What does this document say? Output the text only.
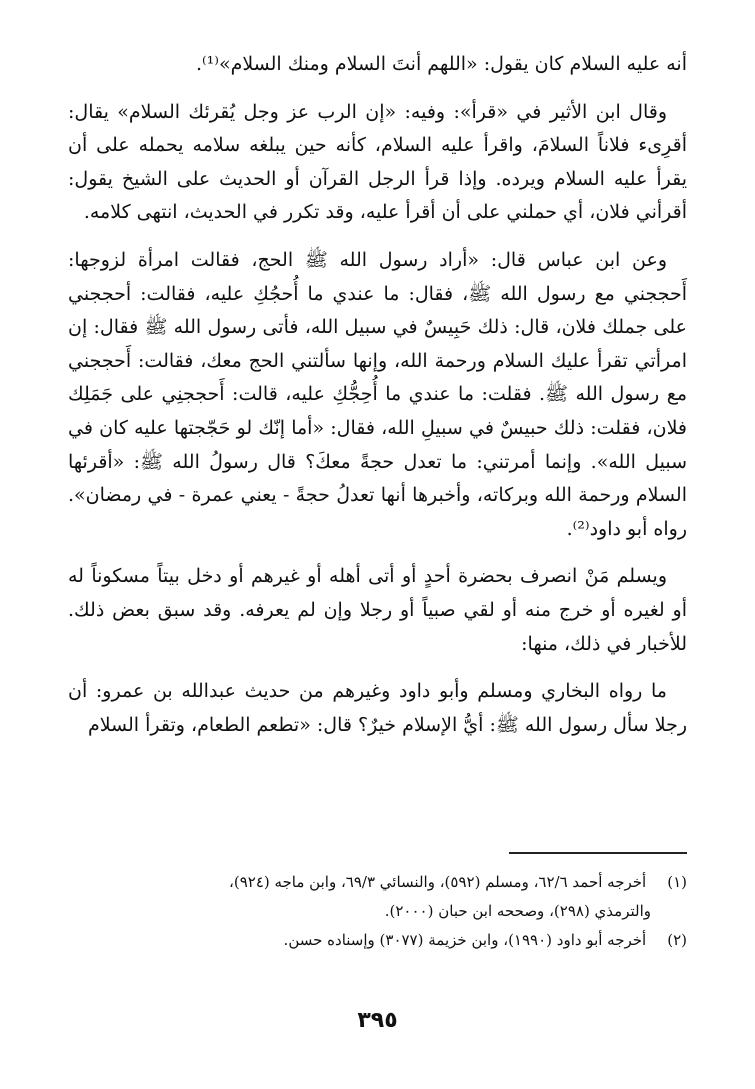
أنه عليه السلام كان يقول: «اللهم أنتَ السلام ومنك السلام»⁽¹⁾.

وقال ابن الأثير في «قرأ»: وفيه: «إن الرب عز وجل يُقرئك السلام» يقال: أقرِىء فلاناً السلامَ، واقرأ عليه السلام، كأنه حين يبلغه سلامه يحمله على أن يقرأ عليه السلام ويرده. وإذا قرأ الرجل القرآن أو الحديث على الشيخ يقول: أقرأني فلان، أي حملني على أن أقرأ عليه، وقد تكرر في الحديث، انتهى كلامه.

وعن ابن عباس قال: «أراد رسول الله ﷺ الحج، فقالت امرأة لزوجها: أَحججني مع رسول الله ﷺ، فقال: ما عندي ما أُحجُكِ عليه، فقالت: أحججني على جملك فلان، قال: ذلك حَبِيسٌ في سبيل الله، فأتى رسول الله ﷺ فقال: إن امرأتي تقرأ عليك السلام ورحمة الله، وإنها سألتني الحج معك، فقالت: أَحججني مع رسول الله ﷺ. فقلت: ما عندي ما أُحِجُّكِ عليه، قالت: أَحججنِي على جَمَلِك فلان، فقلت: ذلك حبيسٌ في سبيلِ الله، فقال: «أما إنّك لو حَجّجتها عليه كان في سبيل الله». وإنما أمرتني: ما تعدل حجةً معكَ؟ قال رسولُ الله ﷺ: «أقرئها السلام ورحمة الله وبركاته، وأخبرها أنها تعدلُ حجةً - يعني عمرة - في رمضان». رواه أبو داود⁽²⁾.

ويسلم مَنْ انصرف بحضرة أحدٍ أو أتى أهله أو غيرهم أو دخل بيتاً مسكوناً له أو لغيره أو خرج منه أو لقي صبياً أو رجلا وإن لم يعرفه. وقد سبق بعض ذلك. للأخبار في ذلك، منها:

ما رواه البخاري ومسلم وأبو داود وغيرهم من حديث عبدالله بن عمرو: أن رجلا سأل رسول الله ﷺ: أيُّ الإسلام خيرٌ؟ قال: «تطعم الطعام، وتقرأ السلام

(١) أخرجه أحمد ٦٢/٦، ومسلم (٥٩٢)، والنسائي ٦٩/٣، وابن ماجه (٩٢٤)،

والترمذي (٢٩٨)، وصححه ابن حبان (٢٠٠٠).

(٢) أخرجه أبو داود (١٩٩٠)، وابن خزيمة (٣٠٧٧) وإسناده حسن.

٣٩٥
